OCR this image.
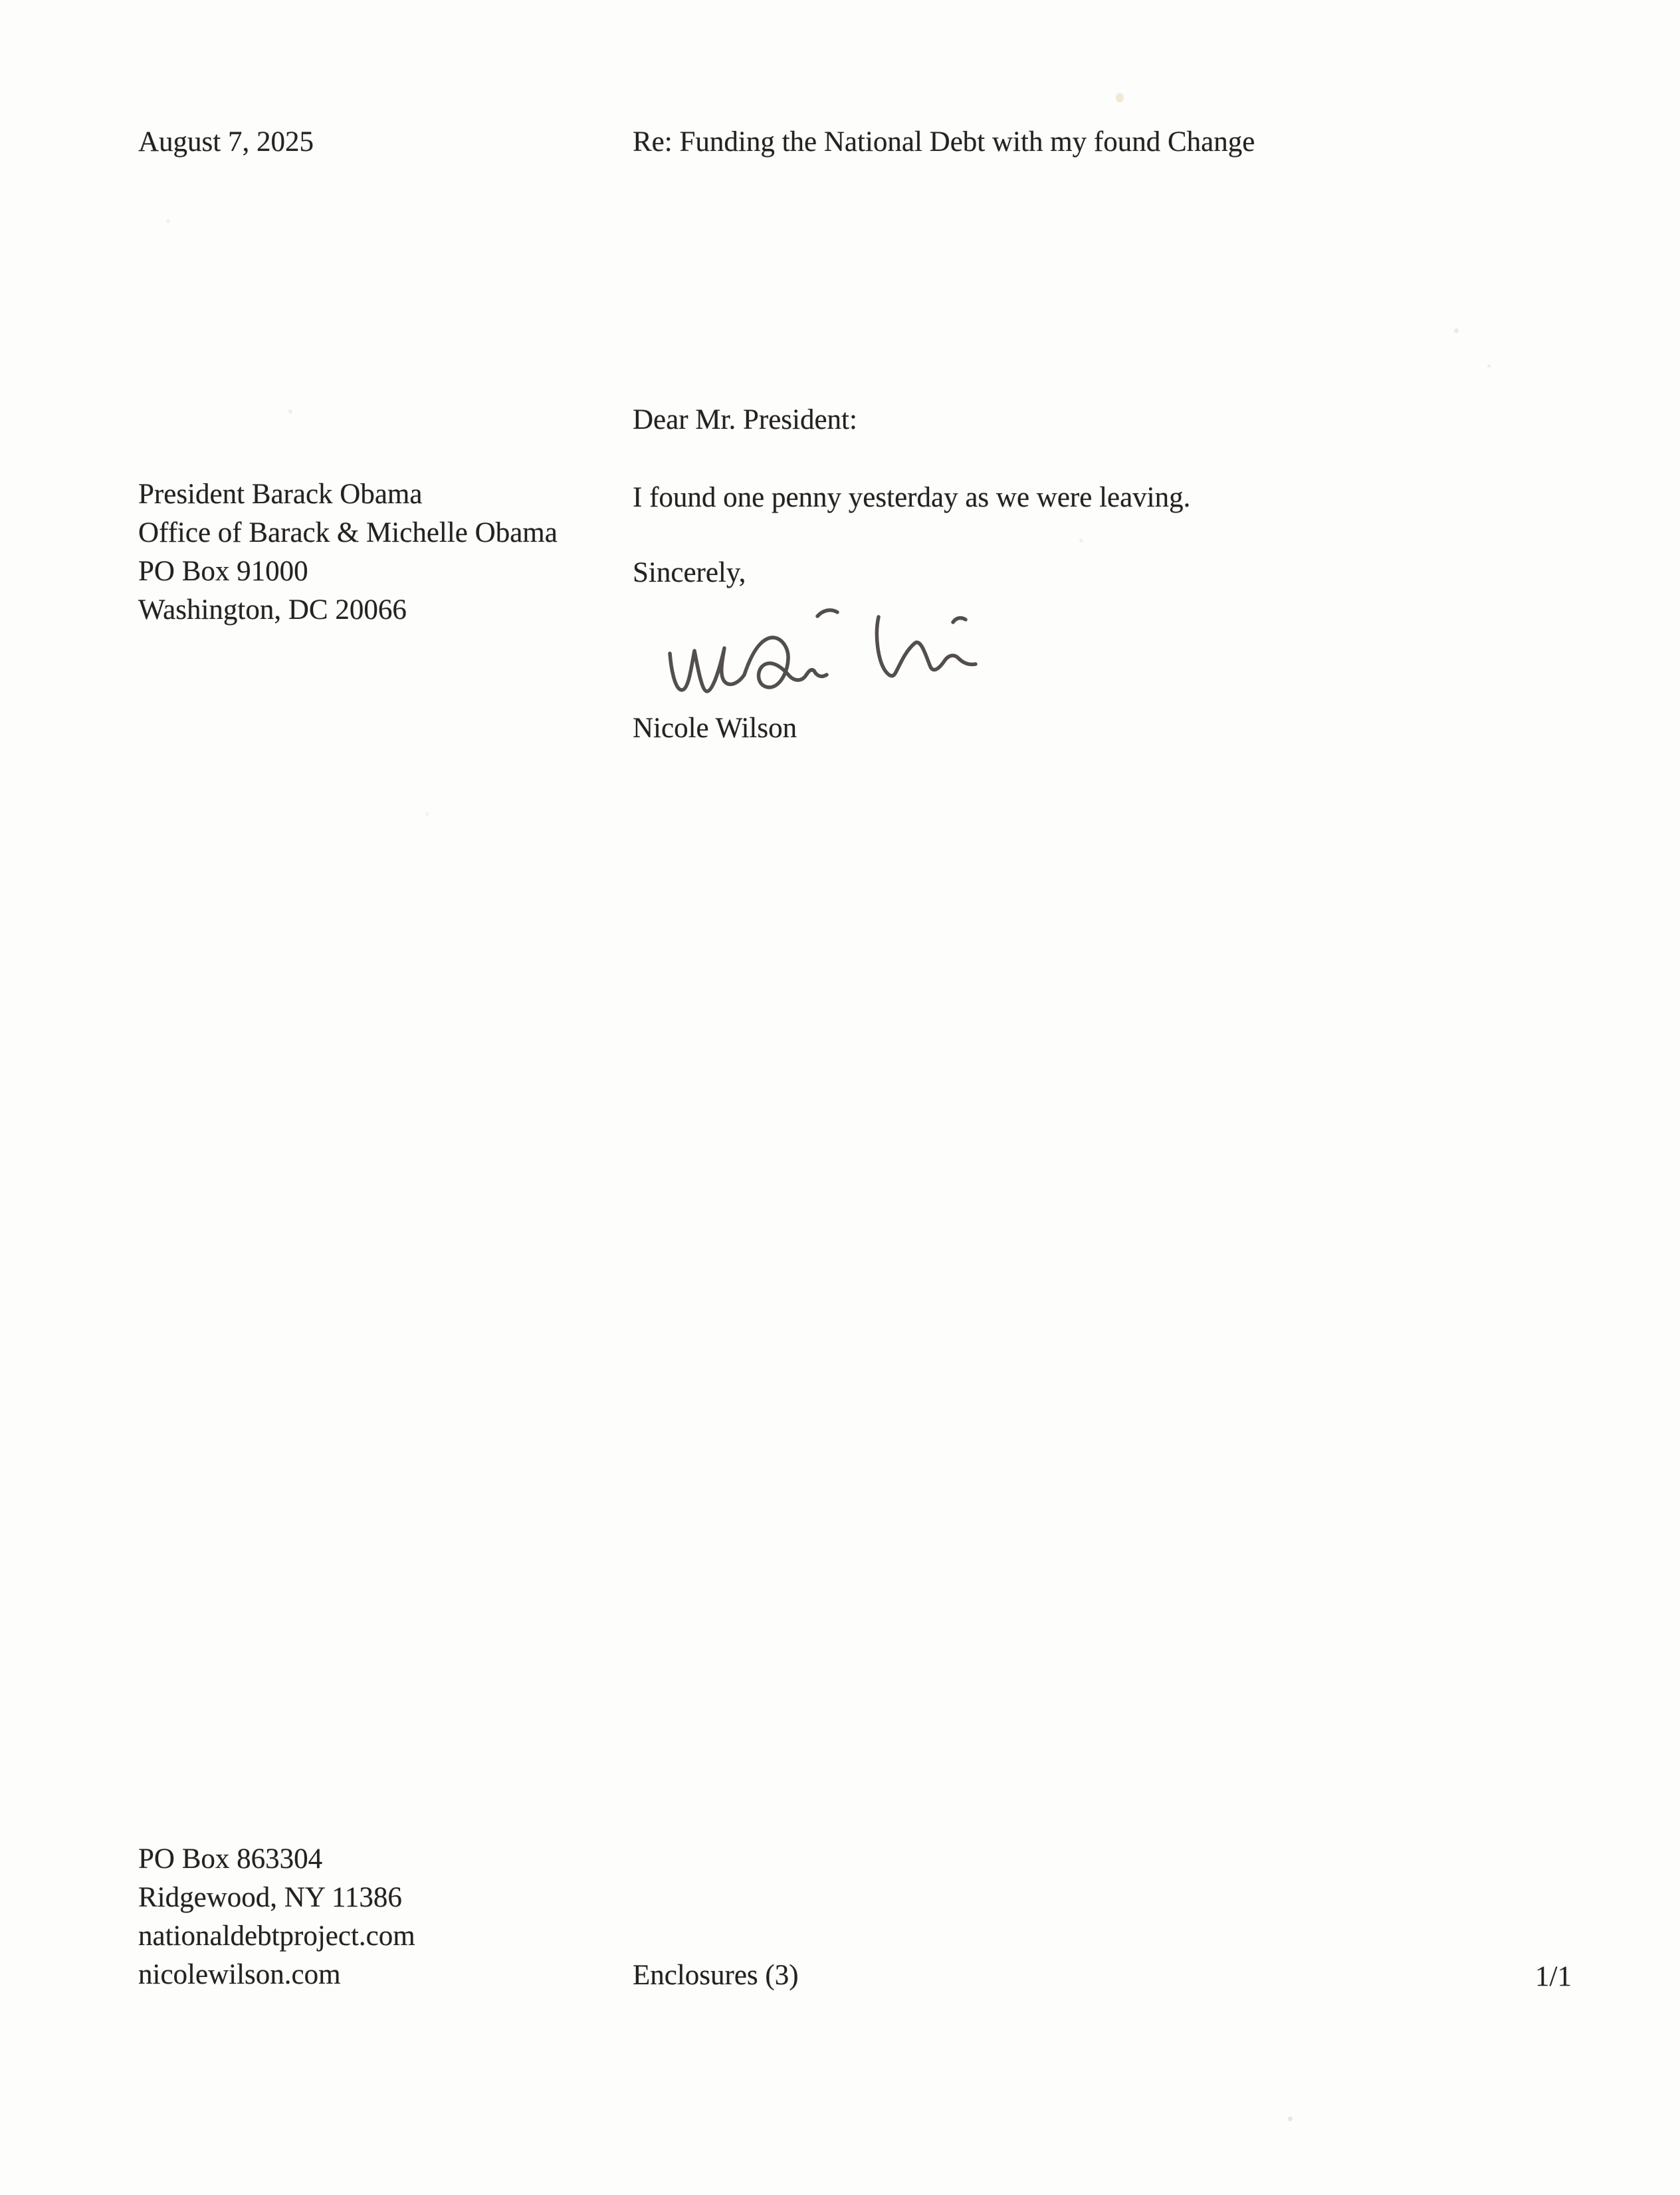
August 7, 2025	Re: Funding the National Debt with my found Change
Dear Mr. President:
President Barack Obama
Office of Barack & Michelle Obama
PO Box 91000
Washington, DC 20066
I found one penny yesterday as we were leaving.
Sincerely,
Nicole Wilson
PO Box 863304
Ridgewood, NY 11386
nationaldebtproject.com
nicolewilson.com	Enclosures (3)	1/1
